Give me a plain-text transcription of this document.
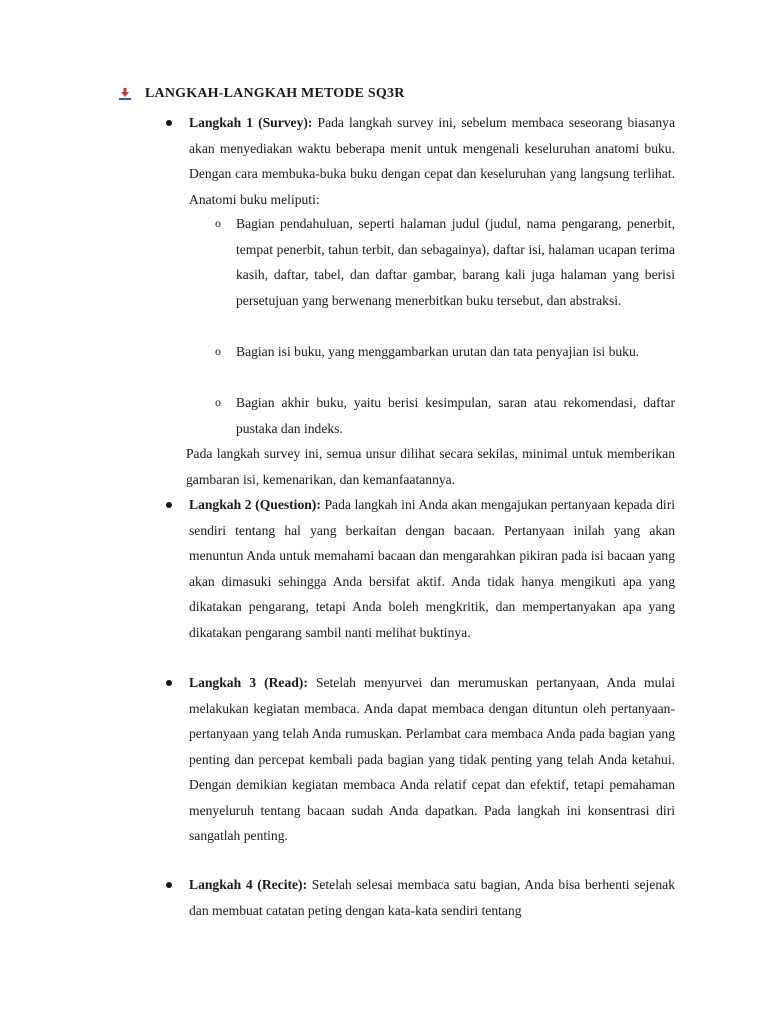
LANGKAH-LANGKAH METODE SQ3R
Langkah 1 (Survey): Pada langkah survey ini, sebelum membaca seseorang biasanya akan menyediakan waktu beberapa menit untuk mengenali keseluruhan anatomi buku. Dengan cara membuka-buka buku dengan cepat dan keseluruhan yang langsung terlihat. Anatomi buku meliputi:
o Bagian pendahuluan, seperti halaman judul (judul, nama pengarang, penerbit, tempat penerbit, tahun terbit, dan sebagainya), daftar isi, halaman ucapan terima kasih, daftar, tabel, dan daftar gambar, barang kali juga halaman yang berisi persetujuan yang berwenang menerbitkan buku tersebut, dan abstraksi.
o Bagian isi buku, yang menggambarkan urutan dan tata penyajian isi buku.
o Bagian akhir buku, yaitu berisi kesimpulan, saran atau rekomendasi, daftar pustaka dan indeks.
Pada langkah survey ini, semua unsur dilihat secara sekilas, minimal untuk memberikan gambaran isi, kemenarikan, dan kemanfaatannya.
Langkah 2 (Question): Pada langkah ini Anda akan mengajukan pertanyaan kepada diri sendiri tentang hal yang berkaitan dengan bacaan. Pertanyaan inilah yang akan menuntun Anda untuk memahami bacaan dan mengarahkan pikiran pada isi bacaan yang akan dimasuki sehingga Anda bersifat aktif. Anda tidak hanya mengikuti apa yang dikatakan pengarang, tetapi Anda boleh mengkritik, dan mempertanyakan apa yang dikatakan pengarang sambil nanti melihat buktinya.
Langkah 3 (Read): Setelah menyurvei dan merumuskan pertanyaan, Anda mulai melakukan kegiatan membaca. Anda dapat membaca dengan dituntun oleh pertanyaan-pertanyaan yang telah Anda rumuskan. Perlambat cara membaca Anda pada bagian yang penting dan percepat kembali pada bagian yang tidak penting yang telah Anda ketahui. Dengan demikian kegiatan membaca Anda relatif cepat dan efektif, tetapi pemahaman menyeluruh tentang bacaan sudah Anda dapatkan. Pada langkah ini konsentrasi diri sangatlah penting.
Langkah 4 (Recite): Setelah selesai membaca satu bagian, Anda bisa berhenti sejenak dan membuat catatan peting dengan kata-kata sendiri tentang
